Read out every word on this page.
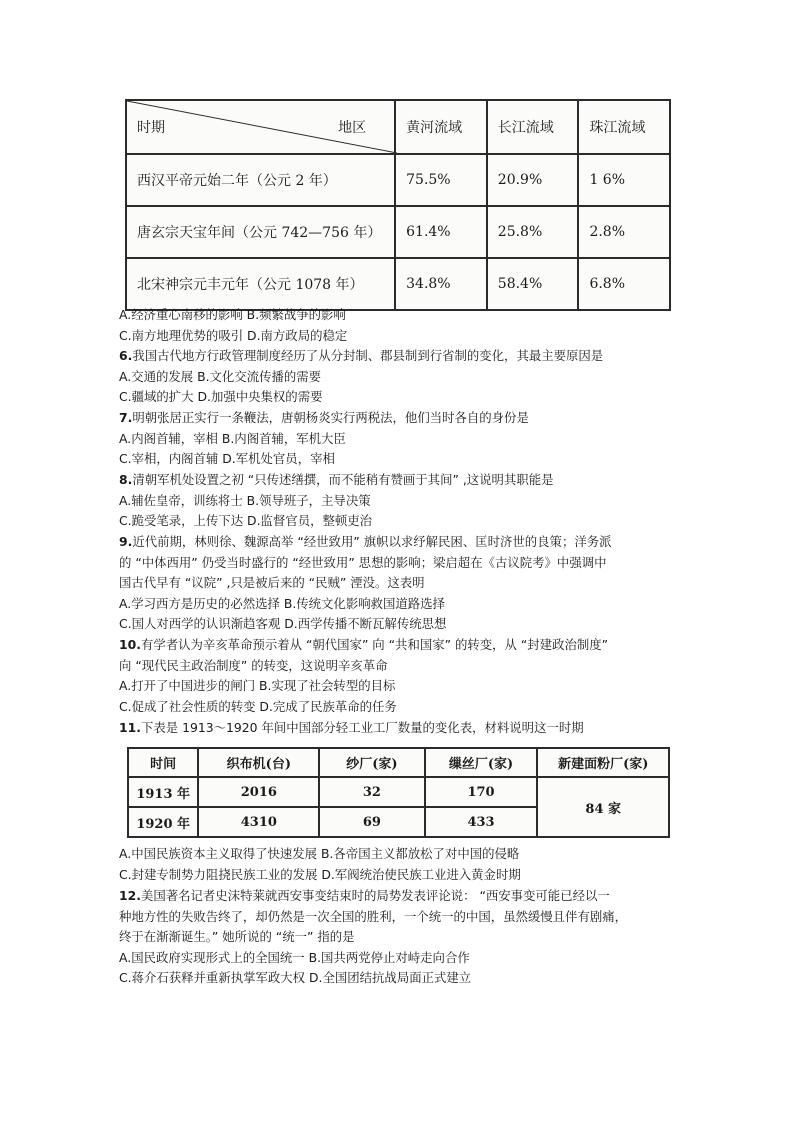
时期 地区	黄河流域	长江流域	珠江流域
西汉平帝元始二年（公元 2 年）	75.5%	20.9%	1 6%
唐玄宗天宝年间（公元 742—756 年）	61.4%	25.8%	2.8%
北宋神宗元丰元年（公元 1078 年）	34.8%	58.4%	6.8%

A.经济重心南移的影响 B.频繁战争的影响

C.南方地理优势的吸引 D.南方政局的稳定

6.我国古代地方行政管理制度经历了从分封制、郡县制到行省制的变化，其最主要原因是

A.交通的发展 B.文化交流传播的需要

C.疆域的扩大 D.加强中央集权的需要

7.明朝张居正实行一条鞭法，唐朝杨炎实行两税法，他们当时各自的身份是

A.内阁首辅，宰相 B.内阁首辅，军机大臣

C.宰相，内阁首辅 D.军机处官员，宰相

8.清朝军机处设置之初 “只传述缮撰，而不能稍有赞画于其间” ,这说明其职能是

A.辅佐皇帝，训练将士 B.领导班子，主导决策

C.跪受笔录，上传下达 D.监督官员，整顿吏治

9.近代前期，林则徐、魏源高举 “经世致用” 旗帜以求纾解民困、匡时济世的良策；洋务派

的 “中体西用” 仍受当时盛行的 “经世致用” 思想的影响；梁启超在《古议院考》中强调中

国古代早有 “议院” ,只是被后来的 “民贼” 湮没。这表明

A.学习西方是历史的必然选择 B.传统文化影响救国道路选择

C.国人对西学的认识渐趋客观 D.西学传播不断瓦解传统思想

10.有学者认为辛亥革命预示着从 “朝代国家” 向 “共和国家” 的转变，从 “封建政治制度”

向 “现代民主政治制度” 的转变，这说明辛亥革命

A.打开了中国进步的闸门 B.实现了社会转型的目标

C.促成了社会性质的转变 D.完成了民族革命的任务

11.下表是 1913～1920 年间中国部分轻工业工厂数量的变化表，材料说明这一时期

时间	织布机(台)	纱厂(家)	缫丝厂(家)	新建面粉厂(家)
1913 年	2016	32	170	84 家
1920 年	4310	69	433	

A.中国民族资本主义取得了快速发展 B.各帝国主义都放松了对中国的侵略

C.封建专制势力阻挠民族工业的发展 D.军阀统治使民族工业进入黄金时期

12.美国著名记者史沫特莱就西安事变结束时的局势发表评论说： “西安事变可能已经以一

种地方性的失败告终了，却仍然是一次全国的胜利，一个统一的中国，虽然缓慢且伴有剧痛，

终于在渐渐诞生。” 她所说的 “统一” 指的是

A.国民政府实现形式上的全国统一 B.国共两党停止对峙走向合作

C.蒋介石获释并重新执掌军政大权 D.全国团结抗战局面正式建立
